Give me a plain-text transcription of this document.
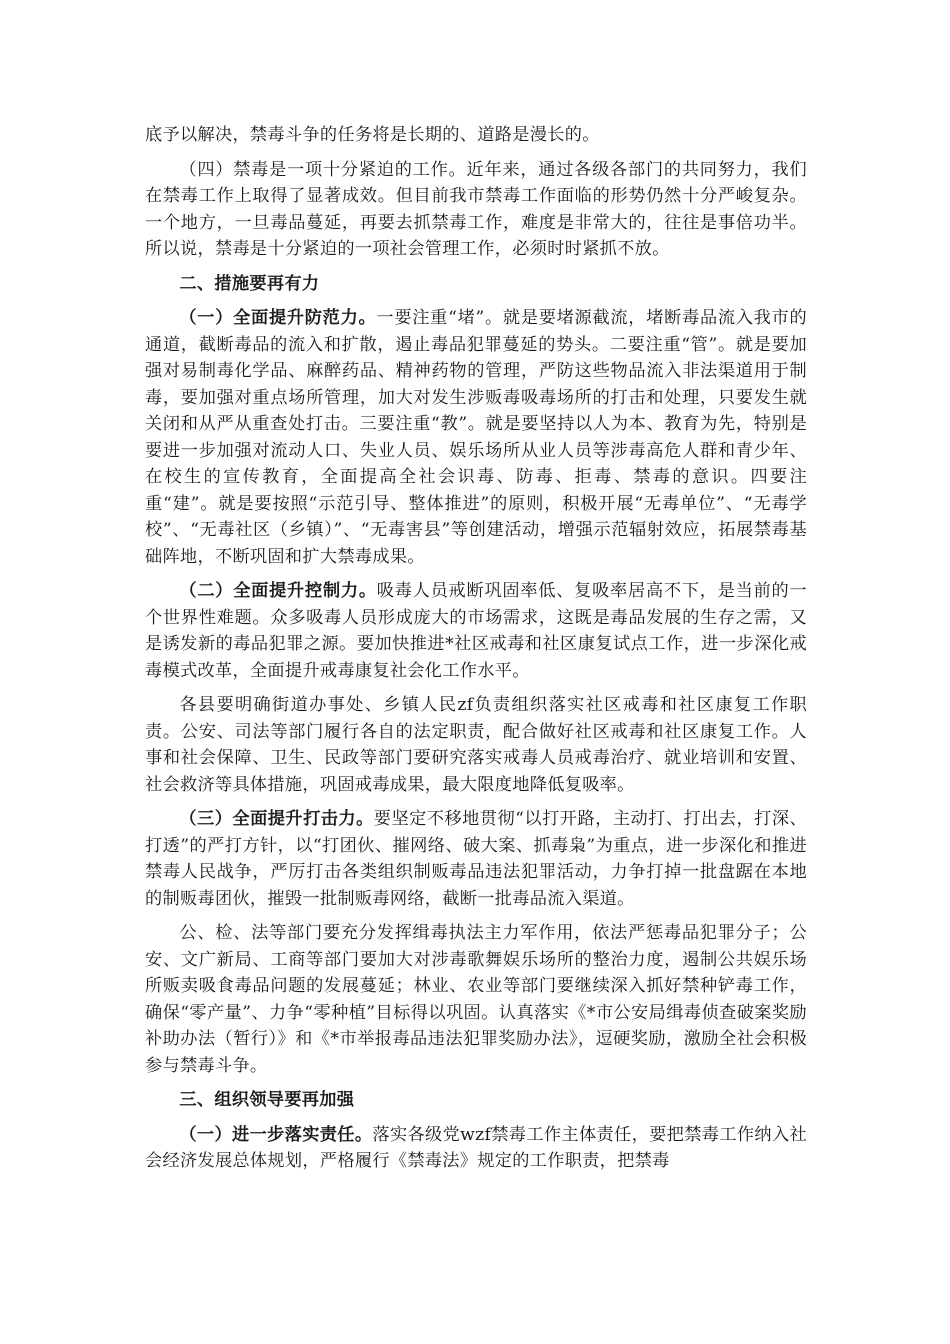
底予以解决，禁毒斗争的任务将是长期的、道路是漫长的。

（四）禁毒是一项十分紧迫的工作。近年来，通过各级各部门的共同努力，我们在禁毒工作上取得了显著成效。但目前我市禁毒工作面临的形势仍然十分严峻复杂。一个地方，一旦毒品蔓延，再要去抓禁毒工作，难度是非常大的，往往是事倍功半。所以说，禁毒是十分紧迫的一项社会管理工作，必须时时紧抓不放。

二、措施要再有力

（一）全面提升防范力。一要注重“堵”。就是要堵源截流，堵断毒品流入我市的通道，截断毒品的流入和扩散，遏止毒品犯罪蔓延的势头。二要注重“管”。就是要加强对易制毒化学品、麻醉药品、精神药物的管理，严防这些物品流入非法渠道用于制毒，要加强对重点场所管理，加大对发生涉贩毒吸毒场所的打击和处理，只要发生就关闭和从严从重查处打击。三要注重“教”。就是要坚持以人为本、教育为先，特别是要进一步加强对流动人口、失业人员、娱乐场所从业人员等涉毒高危人群和青少年、在校生的宣传教育，全面提高全社会识毒、防毒、拒毒、禁毒的意识。四要注重“建”。就是要按照“示范引导、整体推进”的原则，积极开展“无毒单位”、“无毒学校”、“无毒社区（乡镇）”、“无毒害县”等创建活动，增强示范辐射效应，拓展禁毒基础阵地，不断巩固和扩大禁毒成果。

（二）全面提升控制力。吸毒人员戒断巩固率低、复吸率居高不下，是当前的一个世界性难题。众多吸毒人员形成庞大的市场需求，这既是毒品发展的生存之需，又是诱发新的毒品犯罪之源。要加快推进*社区戒毒和社区康复试点工作，进一步深化戒毒模式改革，全面提升戒毒康复社会化工作水平。

各县要明确街道办事处、乡镇人民zf负责组织落实社区戒毒和社区康复工作职责。公安、司法等部门履行各自的法定职责，配合做好社区戒毒和社区康复工作。人事和社会保障、卫生、民政等部门要研究落实戒毒人员戒毒治疗、就业培训和安置、社会救济等具体措施，巩固戒毒成果，最大限度地降低复吸率。

（三）全面提升打击力。要坚定不移地贯彻“以打开路，主动打、打出去，打深、打透”的严打方针，以“打团伙、摧网络、破大案、抓毒枭”为重点，进一步深化和推进禁毒人民战争，严厉打击各类组织制贩毒品违法犯罪活动，力争打掉一批盘踞在本地的制贩毒团伙，摧毁一批制贩毒网络，截断一批毒品流入渠道。

公、检、法等部门要充分发挥缉毒执法主力军作用，依法严惩毒品犯罪分子；公安、文广新局、工商等部门要加大对涉毒歌舞娱乐场所的整治力度，遏制公共娱乐场所贩卖吸食毒品问题的发展蔓延；林业、农业等部门要继续深入抓好禁种铲毒工作，确保“零产量”、力争“零种植”目标得以巩固。认真落实《*市公安局缉毒侦查破案奖励补助办法（暂行）》和《*市举报毒品违法犯罪奖励办法》，逗硬奖励，激励全社会积极参与禁毒斗争。

三、组织领导要再加强

（一）进一步落实责任。落实各级党wzf禁毒工作主体责任，要把禁毒工作纳入社会经济发展总体规划，严格履行《禁毒法》规定的工作职责，把禁毒
